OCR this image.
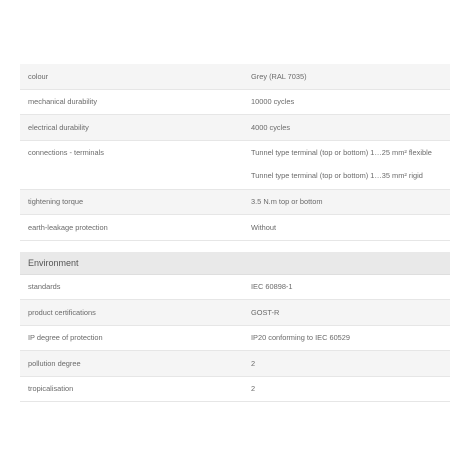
colour	Grey (RAL 7035)
mechanical durability	10000 cycles
electrical durability	4000 cycles
connections - terminals	Tunnel type terminal (top or bottom) 1…25 mm² flexible
Tunnel type terminal (top or bottom) 1…35 mm² rigid
tightening torque	3.5 N.m top or bottom
earth-leakage protection	Without
Environment
standards	IEC 60898-1
product certifications	GOST-R
IP degree of protection	IP20 conforming to IEC 60529
pollution degree	2
tropicalisation	2
